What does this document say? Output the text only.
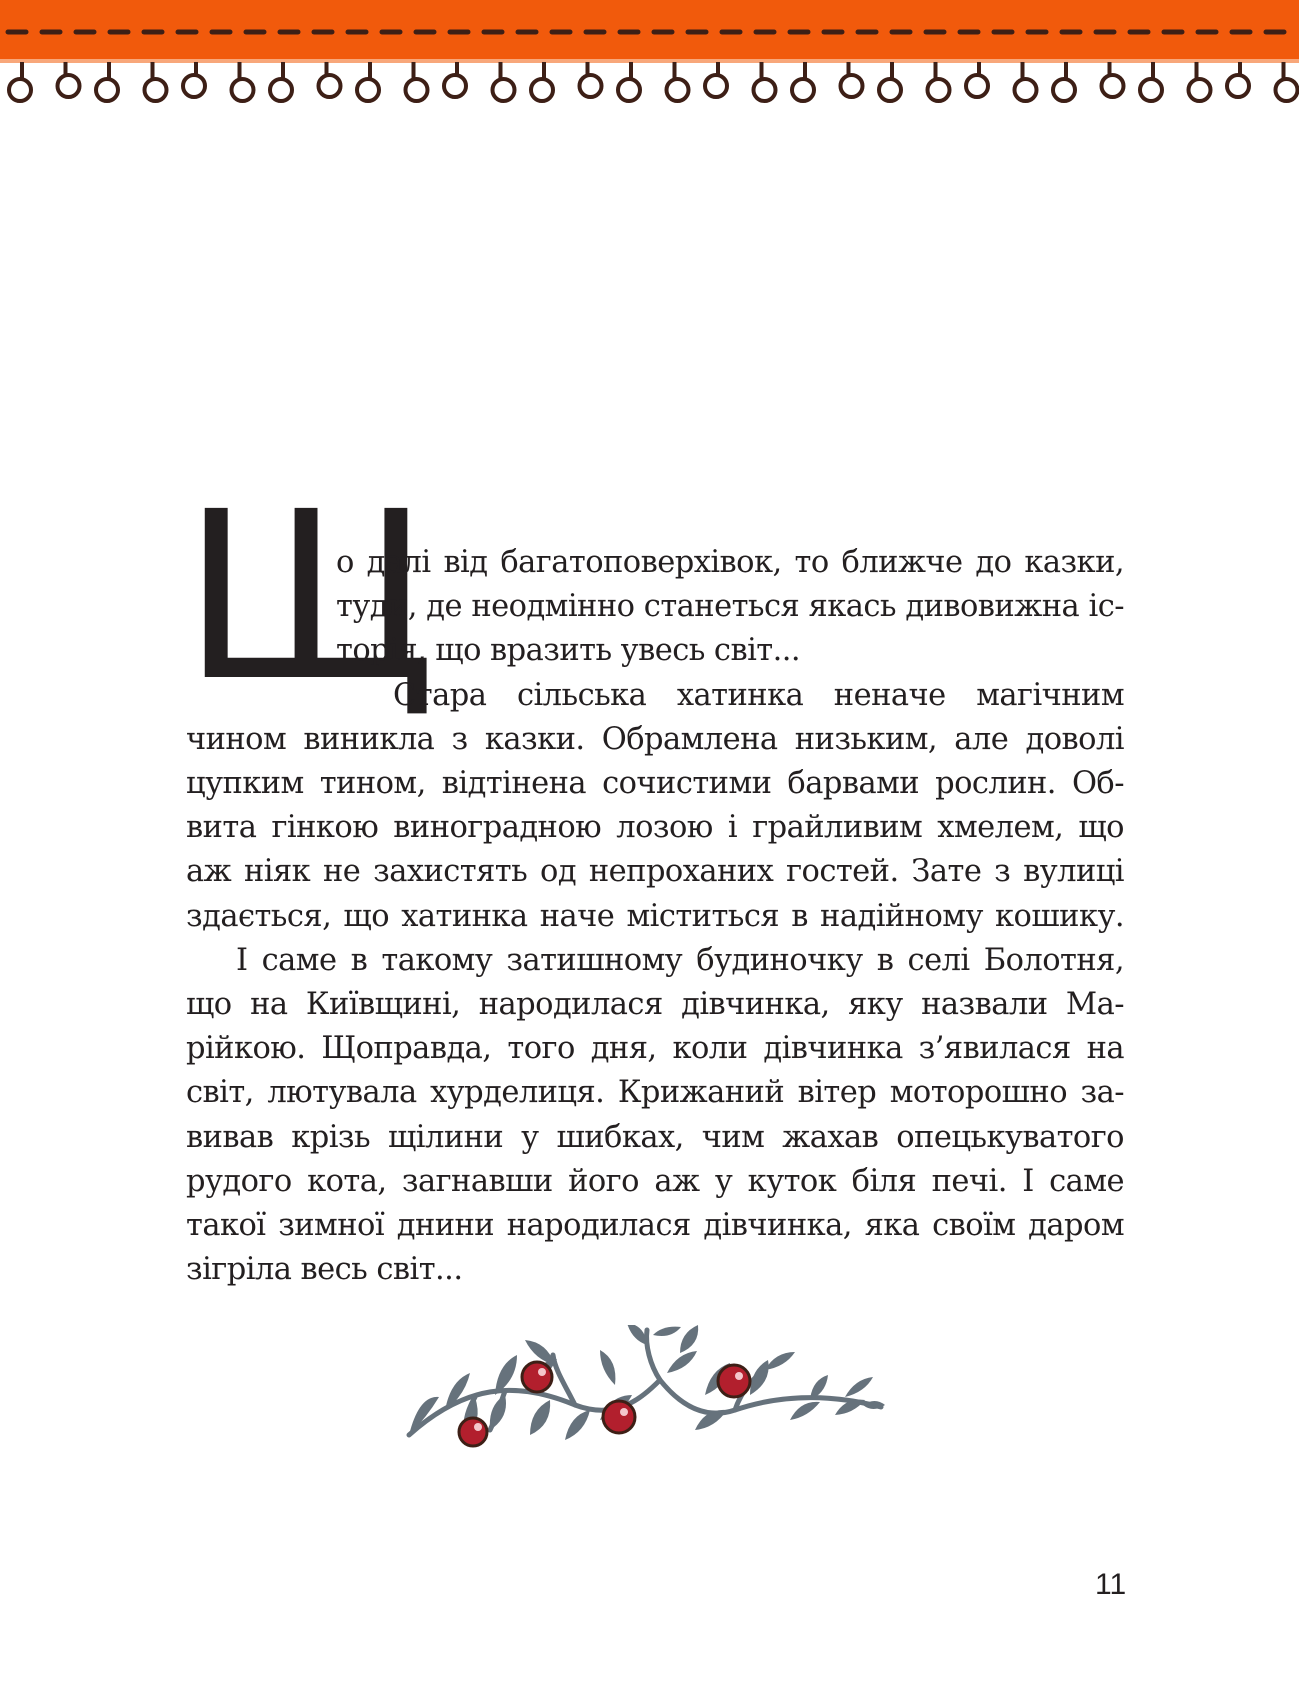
Щ
о далі від багатоповерхівок, то ближче до казки,
туди, де неодмінно станеться якась дивовижна іс-
торія, що вразить увесь світ...
Стара сільська хатинка неначе магічним
чином виникла з казки. Обрамлена низьким, але доволі
цупким тином, відтінена сочистими барвами рослин. Об-
вита гінкою виноградною лозою і грайливим хмелем, що
аж ніяк не захистять од непроханих гостей. Зате з вулиці
здається, що хатинка наче міститься в надійному кошику.
І саме в такому затишному будиночку в селі Болотня,
що на Київщині, народилася дівчинка, яку назвали Ма-
рійкою. Щоправда, того дня, коли дівчинка з’явилася на
світ, лютувала хурделиця. Крижаний вітер моторошно за-
вивав крізь щілини у шибках, чим жахав опецькуватого
рудого кота, загнавши його аж у куток біля печі. І саме
такої зимної днини народилася дівчинка, яка своїм даром
зігріла весь світ...
11
